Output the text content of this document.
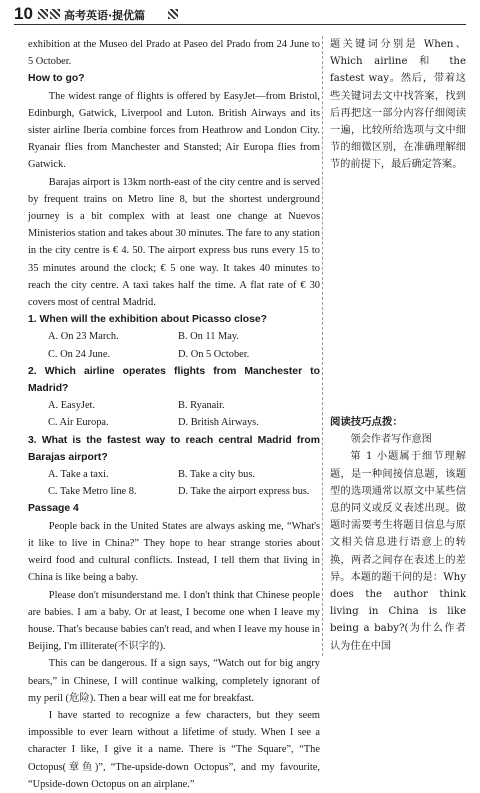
10	高考英语·提优篇

exhibition at the Museo del Prado at Paseo del Prado from 24 June to 5 October.

How to go?

The widest range of flights is offered by EasyJet—from Bristol, Edinburgh, Gatwick, Liverpool and Luton. British Airways and its sister airline Iberia combine forces from Heathrow and London City. Ryanair flies from Manchester and Stansted; Air Europa flies from Gatwick.

Barajas airport is 13km north-east of the city centre and is served by frequent trains on Metro line 8, but the shortest underground journey is a bit complex with at least one change at Nuevos Ministerios station and takes about 30 minutes. The fare to any station in the city centre is € 4. 50. The airport express bus runs every 15 to 35 minutes around the clock; € 5 one way. It takes 40 minutes to reach the city centre. A taxi takes half the time. A flat rate of € 30 covers most of central Madrid.

1. When will the exhibition about Picasso close?

A. On 23 March.	B. On 11 May.
C. On 24 June.	D. On 5 October.

2. Which airline operates flights from Manchester to Madrid?

A. EasyJet.	B. Ryanair.
C. Air Europa.	D. British Airways.

3. What is the fastest way to reach central Madrid from Barajas airport?

A. Take a taxi.	B. Take a city bus.
C. Take Metro line 8.	D. Take the airport express bus.

Passage 4

People back in the United States are always asking me, “What's it like to live in China?” They hope to hear strange stories about weird food and cultural conflicts. Instead, I tell them that living in China is like being a baby.

Please don't misunderstand me. I don't think that Chinese people are babies. I am a baby. Or at least, I become one when I leave my house. That's because babies can't read, and when I leave my house in Beijing, I'm illiterate(不识字的).

This can be dangerous. If a sign says, “Watch out for big angry bears,” in Chinese, I will continue walking, completely ignorant of my peril (危险). Then a bear will eat me for breakfast.

I have started to recognize a few characters, but they seem impossible to ever learn without a lifetime of study. When I see a character I like, I give it a name. There is “The Square”, “The Octopus(章鱼)”, “The-upside-down Octopus”, and my favourite, “Upside-down Octopus on an airplane.”

题关键词分别是 When、Which airline 和 the fastest way。然后，带着这些关键词去文中找答案，找到后再把这一部分内容仔细阅读一遍，比较所给选项与文中细节的细微区别，在准确理解细节的前提下，最后确定答案。

阅读技巧点拨：

领会作者写作意图

第 1 小题属于细节理解题，是一种间接信息题，该题型的选项通常以原文中某些信息的同义或反义表述出现。做题时需要考生将题目信息与原文相关信息进行语意上的转换，两者之间存在表述上的差异。本题的题干问的是：Why does the author think living in China is like being a baby?(为什么作者认为住在中国
